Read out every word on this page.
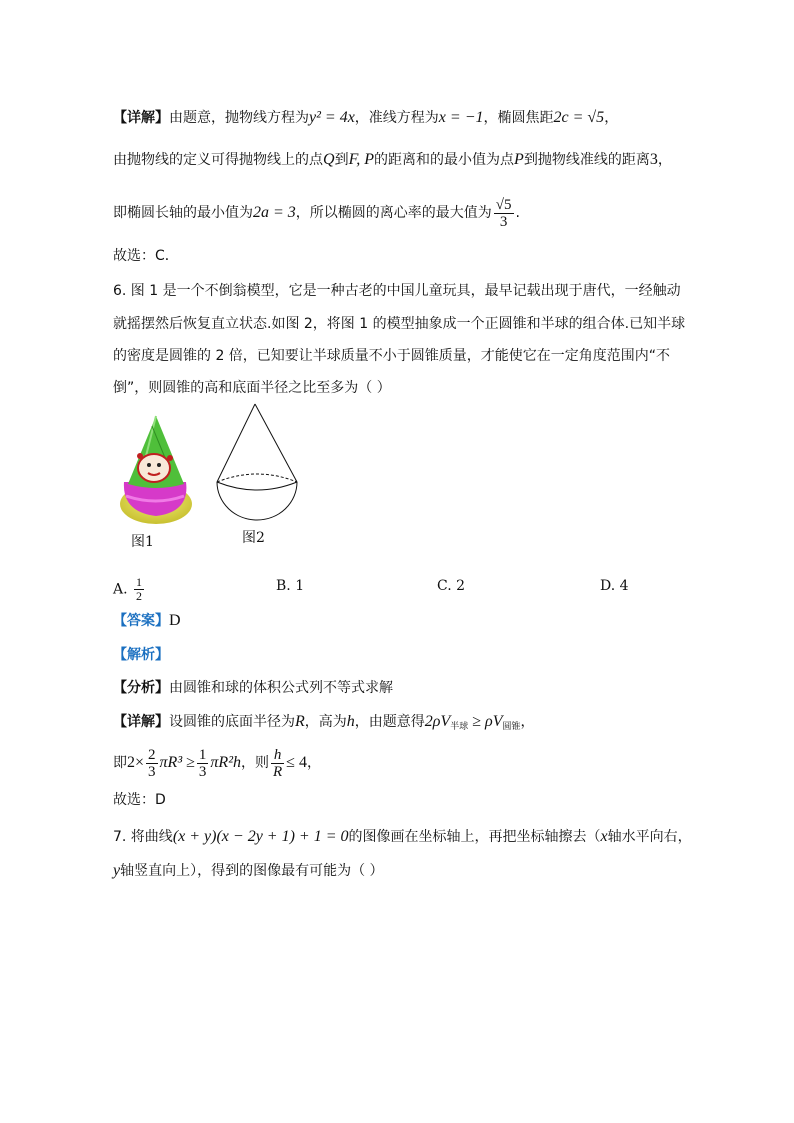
【详解】由题意，抛物线方程为y² = 4x，准线方程为x = −1，椭圆焦距2c = √5，
由抛物线的定义可得抛物线上的点Q到F, P的距离和的最小值为点P到抛物线准线的距离3，
即椭圆长轴的最小值为2a = 3，所以椭圆的离心率的最大值为 $\frac{√5}{3}$ .
故选：C．
6. 图 1 是一个不倒翁模型，它是一种古老的中国儿童玩具，最早记载出现于唐代，一经触动
就摇摆然后恢复直立状态.如图 2，将图 1 的模型抽象成一个正圆锥和半球的组合体.已知半球
的密度是圆锥的 2 倍，已知要让半球质量不小于圆锥质量，才能使它在一定角度范围内“不
倒”，则圆锥的高和底面半径之比至多为（ ）
图1	图2
A. $\frac{1}{2}$	B. 1	C. 2	D. 4
【答案】D
【解析】
【分析】由圆锥和球的体积公式列不等式求解
【详解】设圆锥的底面半径为R，高为h，由题意得$2\rho V_{半球} \ge \rho V_{圆锥}$，
即$2\times \frac{2}{3} \pi R^3 \ge \frac{1}{3} \pi R^2h$，则 $\frac{h}{R} \le 4$，
故选：D
7. 将曲线(x + y)(x − 2y + 1) + 1 = 0的图像画在坐标轴上，再把坐标轴擦去（x轴水平向右，
y轴竖直向上），得到的图像最有可能为（ ）
